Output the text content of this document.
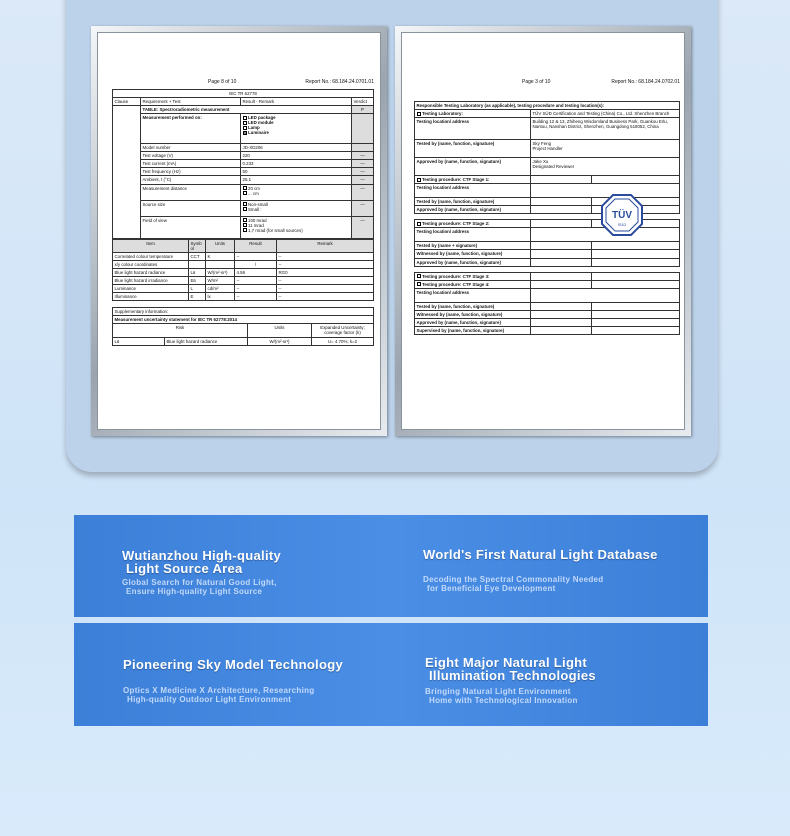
Page 8 of 10	Report No.: 68.184.24.0701.01
IEC TR 62778			
Clause	Requirement + Test	Result - Remark	Verdict
	TABLE: Spectroradiometric measurement		P
	Measurement performed on:	LED package
LED module
Lamp
Luminaire	

	Model number	JD-XD206	
	Test voltage (V)	220	—
	Test current (mA)	0.233	—
	Test frequency (Hz)	50	—
	Ambient, t (°C)	25.1	—
	Measurement distance	20 cm
... cm	—
	Source size	Non-small
Small :	—
	Field of view	100 mrad
11 mrad
1,7 mrad (for small sources)	—
Item	Symb ol	Units	Result	Remark
Correlated colour temperature	CCT	K	--	--
x/y colour coordinates			/	--
Blue light hazard radiance	Lв	W/(m²·sr¹)	4.56	RG0
Blue light hazard irradiance	Eв	W/m²	--	--
Luminance	L	cd/m²	--	--
Illuminance	E	lx	--	--
Supplementary information:			
Measurement uncertainty statement for IEC TR 62778:2014			
Risk		Units	Expanded Uncertainty; coverage factor (k)
Lв	Blue light hazard radiance	W/(m²·sr¹)	U= 4.70%; k=2
Page 3 of 10	Report No.: 68.184.24.0702.01
Responsible Testing Laboratory (as applicable), testing procedure and testing location(s):		
Testing Laboratory:	TÜV SÜD Certification and Testing (China) Co., Ltd. Shenzhen Branch	
Testing location/ address	Building 12 & 13, Zhiheng Wisdomland Business Park, Guankou Erlu, Nantou, Nanshan District, Shenzhen, Guangdong 518052, China	
Tested by (name, function, signature)	Sky Feng
Project Handler	

Approved by (name, function, signature)	Jake Xu
Designated Reviewer	

Testing procedure: CTF Stage 1:		
Testing location/ address		
Tested by (name, function, signature)		
Approved by (name, function, signature)		

Testing procedure: CTF Stage 2:		
Testing location/ address		
Tested by (name + signature)		
Witnessed by (name, function, signature)		
Approved by (name, function, signature)		

Testing procedure: CTF Stage 3:		
Testing procedure: CTF Stage 4:		
Testing location/ address		
Tested by (name, function, signature)		
Witnessed by (name, function, signature)		
Approved by (name, function, signature)		
Supervised by (name, function, signature)		
TÜV
SÜD
Wutianzhou High-quality
Light Source Area

Global Search for Natural Good Light,
Ensure High-quality Light Source

World's First Natural Light Database

Decoding the Spectral Commonality Needed
for Beneficial Eye Development

Pioneering Sky Model Technology

Optics X Medicine X Architecture, Researching
High-quality Outdoor Light Environment

Eight Major Natural Light
Illumination Technologies

Bringing Natural Light Environment
Home with Technological Innovation
